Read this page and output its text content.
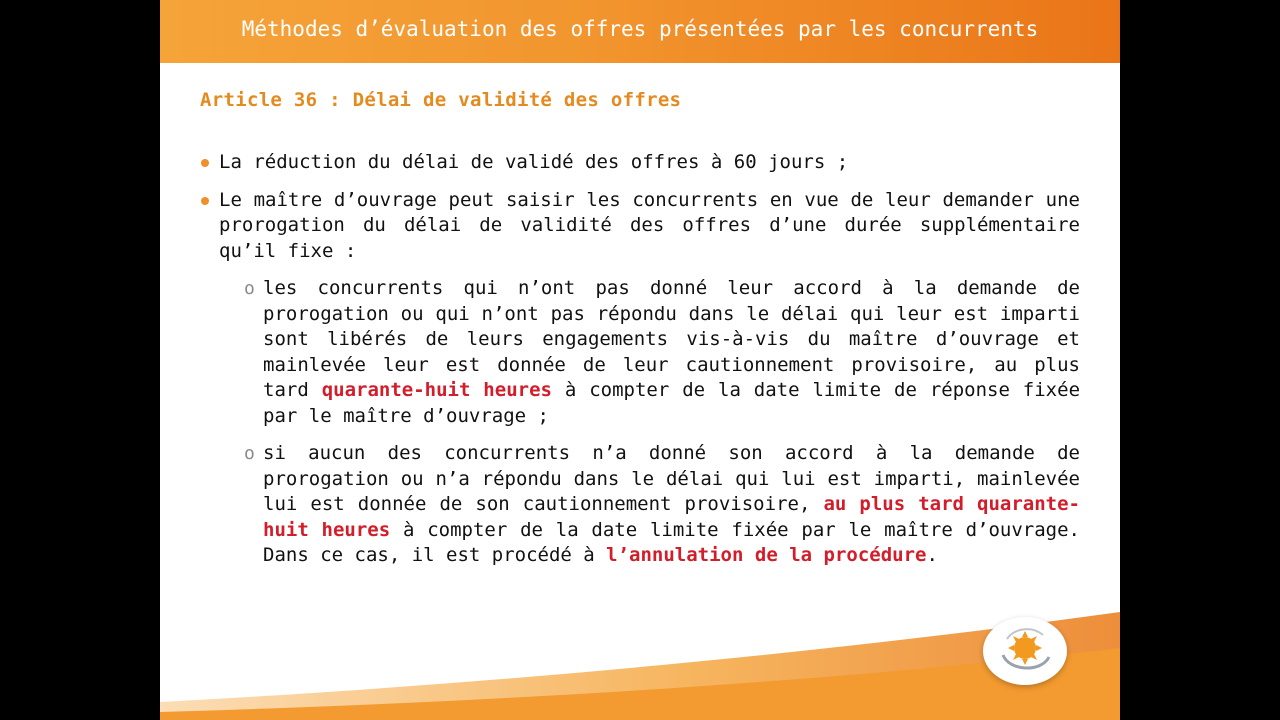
Méthodes d’évaluation des offres présentées par les concurrents
Article 36 : Délai de validité des offres
La réduction du délai de validé des offres à 60 jours ;
Le maître d’ouvrage peut saisir les concurrents en vue de leur demander une prorogation du délai de validité des offres d’une durée supplémentaire qu’il fixe :
o les concurrents qui n’ont pas donné leur accord à la demande de prorogation ou qui n’ont pas répondu dans le délai qui leur est imparti sont libérés de leurs engagements vis-à-vis du maître d’ouvrage et mainlevée leur est donnée de leur cautionnement provisoire, au plus tard quarante-huit heures à compter de la date limite de réponse fixée par le maître d’ouvrage ;
o si aucun des concurrents n’a donné son accord à la demande de prorogation ou n’a répondu dans le délai qui lui est imparti, mainlevée lui est donnée de son cautionnement provisoire, au plus tard quarante-huit heures à compter de la date limite fixée par le maître d’ouvrage. Dans ce cas, il est procédé à l’annulation de la procédure.
